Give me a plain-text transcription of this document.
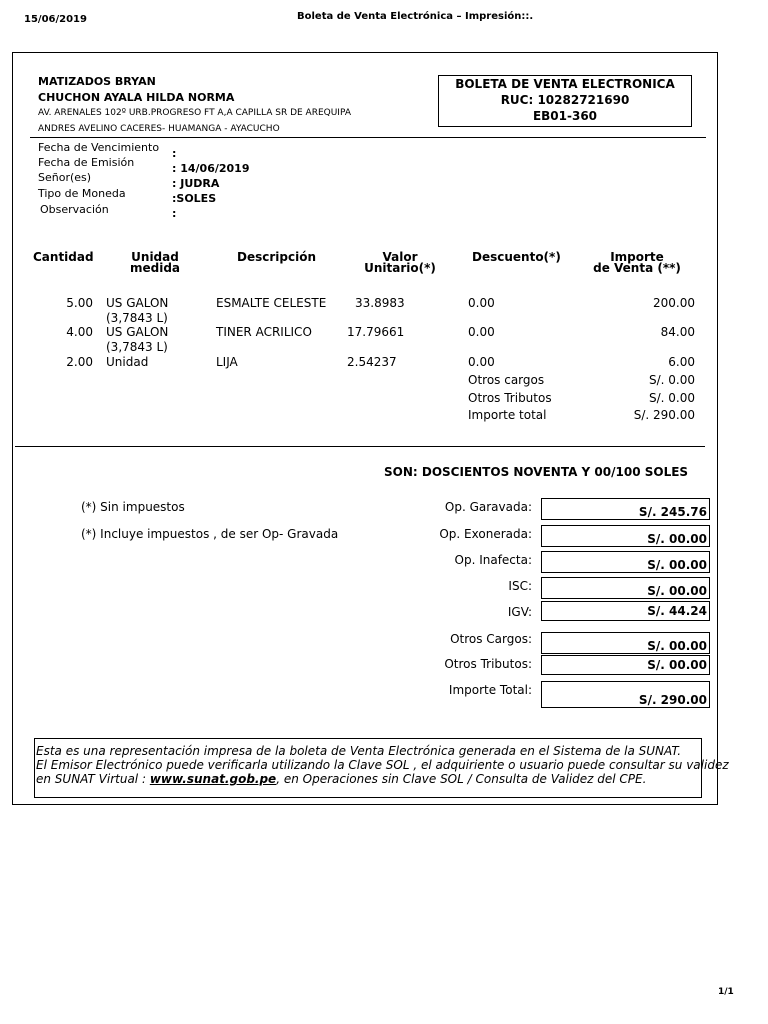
15/06/2019	Boleta de Venta Electrónica – Impresión::.
MATIZADOS BRYAN
CHUCHON AYALA HILDA NORMA
AV. ARENALES 102º URB.PROGRESO FT A,A CAPILLA SR DE AREQUIPA
ANDRES AVELINO CACERES- HUAMANGA - AYACUCHO
BOLETA DE VENTA ELECTRONICA
RUC: 10282721690
EB01-360
Fecha de Vencimiento :
Fecha de Emisión	: 14/06/2019
Señor(es)	: JUDRA
Tipo de Moneda	:SOLES
Observación	:
Cantidad	Unidad
medida
Descripción	Valor
Unitario(*)
Descuento(*)	Importe
de Venta (**)
5.00 US GALON
(3,7843 L)
ESMALTE CELESTE 33.8983	0.00	200.00
4.00 US GALON
(3,7843 L)
TINER ACRILICO	17.79661	0.00	84.00
2.00 Unidad	LIJA	2.54237	0.00	6.00
Otros cargos	S/. 0.00
Otros Tributos	S/. 0.00
Importe total	S/. 290.00
SON: DOSCIENTOS NOVENTA Y 00/100 SOLES
(*) Sin impuestos
(*) Incluye impuestos , de ser Op- Gravada
Op. Garavada:	S/. 245.76
Op. Exonerada:	S/. 00.00
Op. Inafecta:	S/. 00.00
ISC:	S/. 00.00
IGV:	S/. 44.24
Otros Cargos:	S/. 00.00
Otros Tributos:	S/. 00.00
Importe Total:
S/. 290.00
Esta es una representación impresa de la boleta de Venta Electrónica generada en el Sistema de la SUNAT.
El Emisor Electrónico puede verificarla utilizando la Clave SOL , el adquiriente o usuario puede consultar su validez
en SUNAT Virtual : www.sunat.gob.pe, en Operaciones sin Clave SOL / Consulta de Validez del CPE.
1/1
